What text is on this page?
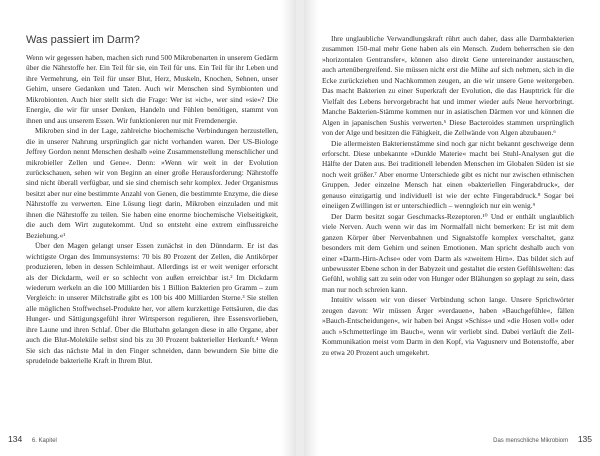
Was passiert im Darm?

Wenn wir gegessen haben, machen sich rund 500 Mikrobenarten in unserem Gedärm über die Nährstoffe her. Ein Teil für sie, ein Teil für uns. Ein Teil für ihr Leben und ihre Vermehrung, ein Teil für unser Blut, Herz, Muskeln, Knochen, Sehnen, unser Gehirn, unsere Gedanken und Taten. Auch wir Menschen sind Symbionten und Mikrobionten. Auch hier stellt sich die Frage: Wer ist »ich«, wer sind »sie«? Die Energie, die wir für unser Denken, Handeln und Fühlen benötigen, stammt von ihnen und aus unserem Essen. Wir funktionieren nur mit Fremdenergie.

Mikroben sind in der Lage, zahlreiche biochemische Verbindungen herzustellen, die in unserer Nahrung ursprünglich gar nicht vorhanden waren. Der US-Biologe Jeffrey Gordon nennt Menschen deshalb »eine Zusammenstellung menschlicher und mikrobieller Zellen und Gene«. Denn: »Wenn wir weit in der Evolution zurückschauen, sehen wir von Beginn an einer große Herausforderung: Nährstoffe sind nicht überall verfügbar, und sie sind chemisch sehr komplex. Jeder Organismus besitzt aber nur eine bestimmte Anzahl von Genen, die bestimmte Enzyme, die diese Nährstoffe zu verwerten. Eine Lösung liegt darin, Mikroben einzuladen und mit ihnen die Nährstoffe zu teilen. Sie haben eine enorme biochemische Vielseitigkeit, die auch dem Wirt zugutekommt. Und so entsteht eine extrem einflussreiche Beziehung.«¹

Über den Magen gelangt unser Essen zunächst in den Dünndarm. Er ist das wichtigste Organ des Immunsystems: 70 bis 80 Prozent der Zellen, die Antikörper produzieren, leben in dessen Schleimhaut. Allerdings ist er weit weniger erforscht als der Dickdarm, weil er so schlecht von außen erreichbar ist.² Im Dickdarm wiederum werkeln an die 100 Milliarden bis 1 Billion Bakterien pro Gramm – zum Vergleich: in unserer Milchstraße gibt es 100 bis 400 Milliarden Sterne.³ Sie stellen alle möglichen Stoffwechsel-Produkte her, vor allem kurzkettige Fettsäuren, die das Hunger- und Sättigungsgefühl ihrer Wirtsperson regulieren, ihre Essensvorlieben, ihre Laune und ihren Schlaf. Über die Blutbahn gelangen diese in alle Organe, aber auch die Blut-Moleküle selbst sind bis zu 30 Prozent bakterieller Herkunft.⁴ Wenn Sie sich das nächste Mal in den Finger schneiden, dann bewundern Sie bitte die sprudelnde bakterielle Kraft in Ihrem Blut.

134 6. Kapitel

Ihre unglaubliche Verwandlungskraft rührt auch daher, dass alle Darmbakterien zusammen 150-mal mehr Gene haben als ein Mensch. Zudem beherrschen sie den »horizontalen Gentransfer«, können also direkt Gene untereinander austauschen, auch artenübergreifend. Sie müssen nicht erst die Mühe auf sich nehmen, sich in die Ecke zurückziehen und Nachkommen zeugen, an die wir unsere Gene weitergeben. Das macht Bakterien zu einer Superkraft der Evolution, die das Haupttrick für die Vielfalt des Lebens hervorgebracht hat und immer wieder aufs Neue hervorbringt. Manche Bakterien-Stämme kommen nur in asiatischen Därmen vor und können die Algen in japanischen Sushis verwerten.⁵ Diese Bacteroides stammen ursprünglich von der Alge und besitzen die Fähigkeit, die Zellwände von Algen abzubauen.⁶

Die allermeisten Bakterienstämme sind noch gar nicht bekannt geschweige denn erforscht. Diese unbekannte »Dunkle Materie« macht bei Stuhl-Analysen gut die Hälfte der Daten aus. Bei traditionell lebenden Menschen im Globalen Süden ist sie noch weit größer.⁷ Aber enorme Unterschiede gibt es nicht nur zwischen ethnischen Gruppen. Jeder einzelne Mensch hat einen »bakteriellen Fingerabdruck«, der genauso einzigartig und individuell ist wie der echte Fingerabdruck.⁸ Sogar bei eineiigen Zwillingen ist er unterschiedlich – wenngleich nur ein wenig.⁹

Der Darm besitzt sogar Geschmacks-Rezeptoren.¹⁰ Und er enthält unglaublich viele Nerven. Auch wenn wir das im Normalfall nicht bemerken: Er ist mit dem ganzen Körper über Nervenbahnen und Signalstoffe komplex verschaltet, ganz besonders mit dem Gehirn und seinen Emotionen. Man spricht deshalb auch von einer »Darm-Hirn-Achse« oder vom Darm als »zweitem Hirn«. Das bildet sich auf unbewusster Ebene schon in der Babyzeit und gestaltet die ersten Gefühlswelten: das Gefühl, wohlig satt zu sein oder von Hunger oder Blähungen so geplagt zu sein, dass man nur noch schreien kann.

Intuitiv wissen wir von dieser Verbindung schon lange. Unsere Sprichwörter zeugen davon: Wir müssen Ärger »verdauen«, haben »Bauchgefühle«, fällen »Bauch-Entscheidungen«, wir haben bei Angst »Schiss« und »die Hosen voll« oder auch »Schmetterlinge im Bauch«, wenn wir verliebt sind. Dabei verläuft die Zell-Kommunikation meist vom Darm in den Kopf, via Vagusnerv und Botenstoffe, aber zu etwa 20 Prozent auch umgekehrt.

Das menschliche Mikrobiom 135
